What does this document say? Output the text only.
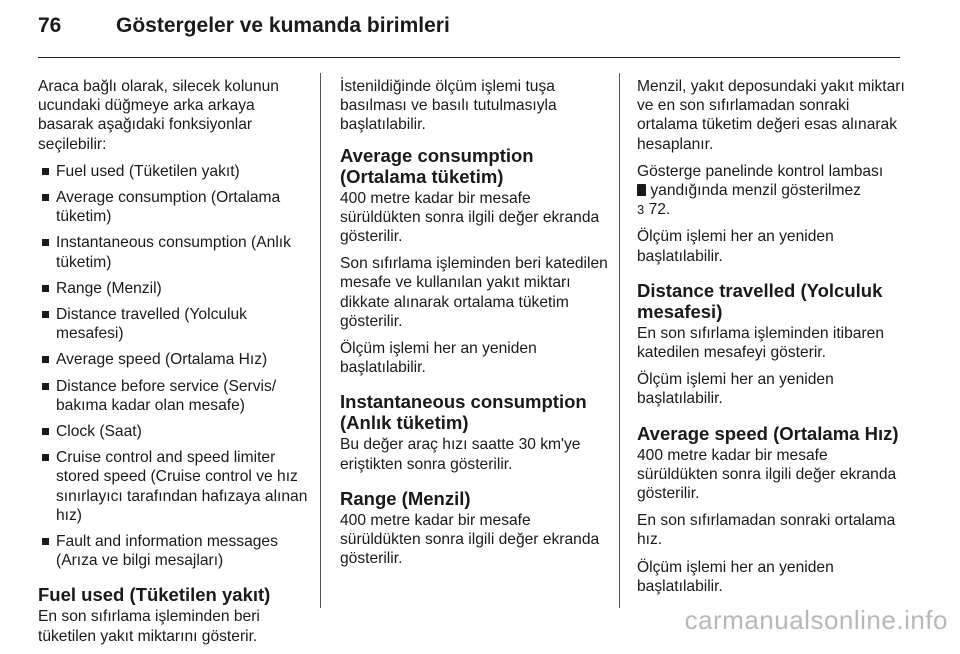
76	Göstergeler ve kumanda birimleri

Araca bağlı olarak, silecek kolunun ucundaki düğmeye arka arkaya basarak aşağıdaki fonksiyonlar seçilebilir:

Fuel used (Tüketilen yakıt)
Average consumption (Ortalama tüketim)
Instantaneous consumption (Anlık tüketim)
Range (Menzil)
Distance travelled (Yolculuk mesafesi)
Average speed (Ortalama Hız)
Distance before service (Servis/ bakıma kadar olan mesafe)
Clock (Saat)
Cruise control and speed limiter stored speed (Cruise control ve hız sınırlayıcı tarafından hafızaya alınan hız)
Fault and information messages (Arıza ve bilgi mesajları)
Fuel used (Tüketilen yakıt)

En son sıfırlama işleminden beri tüketilen yakıt miktarını gösterir.

İstenildiğinde ölçüm işlemi tuşa basılması ve basılı tutulmasıyla başlatılabilir.

Average consumption (Ortalama tüketim)

400 metre kadar bir mesafe sürüldükten sonra ilgili değer ekranda gösterilir.

Son sıfırlama işleminden beri katedilen mesafe ve kullanılan yakıt miktarı dikkate alınarak ortalama tüketim gösterilir.

Ölçüm işlemi her an yeniden başlatılabilir.

Instantaneous consumption (Anlık tüketim)

Bu değer araç hızı saatte 30 km'ye eriştikten sonra gösterilir.

Range (Menzil)

400 metre kadar bir mesafe sürüldükten sonra ilgili değer ekranda gösterilir.

Menzil, yakıt deposundaki yakıt miktarı ve en son sıfırlamadan sonraki ortalama tüketim değeri esas alınarak hesaplanır.

Gösterge panelinde kontrol lambası
yandığında menzil gösterilmez
3 72.

Ölçüm işlemi her an yeniden başlatılabilir.

Distance travelled (Yolculuk mesafesi)

En son sıfırlama işleminden itibaren katedilen mesafeyi gösterir.

Ölçüm işlemi her an yeniden başlatılabilir.

Average speed (Ortalama Hız)

400 metre kadar bir mesafe sürüldükten sonra ilgili değer ekranda gösterilir.

En son sıfırlamadan sonraki ortalama hız.

Ölçüm işlemi her an yeniden başlatılabilir.

carmanualsonline.info
